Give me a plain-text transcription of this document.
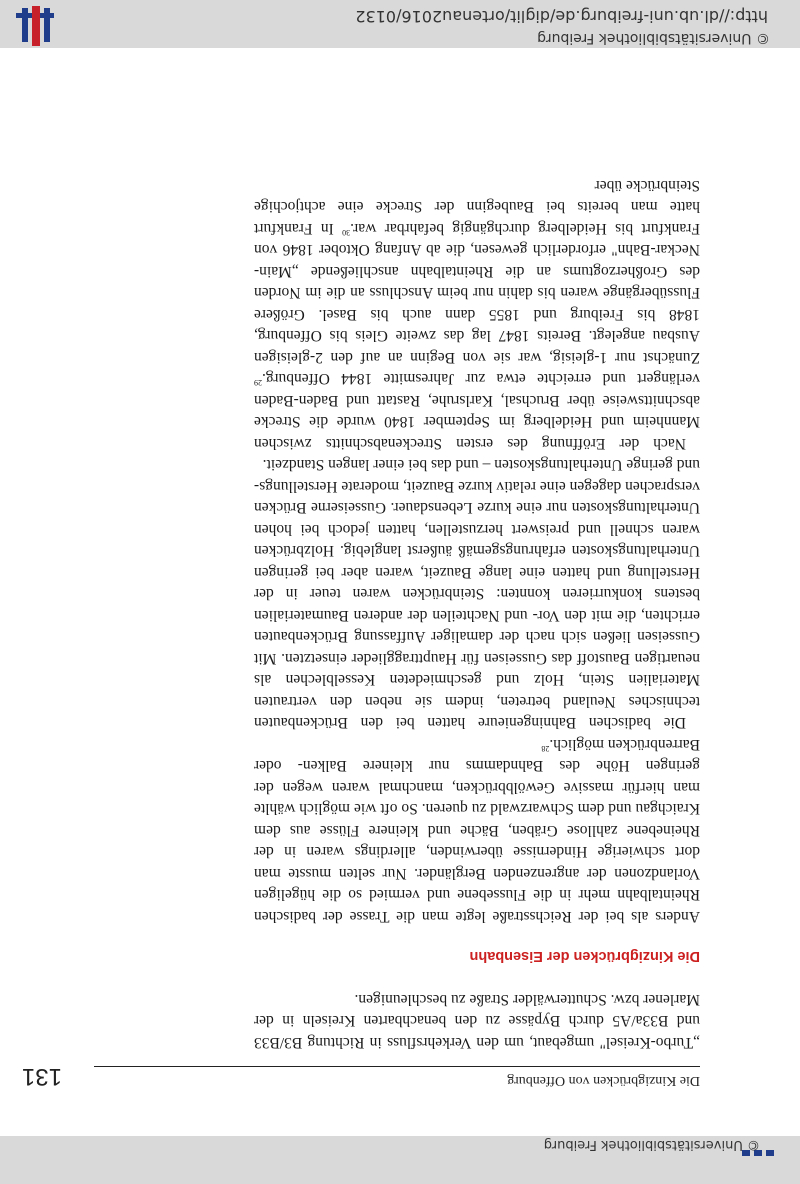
© Universitätsbibliothek Freiburg
Die Kinzigbrücken von Offenburg
131

„Turbo-Kreisel" umgebaut, um den Verkehrsfluss in Richtung B3/B33 und B33a/A5 durch Bypässe zu den benachbarten Kreiseln in der Marlener bzw. Schutterwälder Straße zu beschleunigen.

Die Kinzigbrücken der Eisenbahn

Anders als bei der Reichsstraße legte man die Trasse der badischen Rheintalbahn mehr in die Flussebene und vermied so die hügeligen Vorlandzonen der angrenzenden Bergländer. Nur selten musste man dort schwierige Hindernisse überwinden, allerdings waren in der Rheinebene zahllose Gräben, Bäche und kleinere Flüsse aus dem Kraichgau und dem Schwarzwald zu queren. So oft wie möglich wählte man hierfür massive Gewölbbrücken, manchmal waren wegen der geringen Höhe des Bahndamms nur kleinere Balken- oder Barrenbrücken möglich.$^{28}$

Die badischen Bahningenieure hatten bei den Brückenbauten technisches Neuland betreten, indem sie neben den vertrauten Materialien Stein, Holz und geschmiedeten Kesselblechen als neuartigen Baustoff das Gusseisen für Haupttragglieder einsetzten. Mit Gusseisen ließen sich nach der damaliger Auffassung Brückenbauten errichten, die mit den Vor- und Nachteilen der anderen Baumaterialien bestens konkurrieren konnten: Steinbrücken waren teuer in der Herstellung und hatten eine lange Bauzeit, waren aber bei geringen Unterhaltungskosten erfahrungsgemäß äußerst langlebig. Holzbrücken waren schnell und preiswert herzustellen, hatten jedoch bei hohen Unterhaltungskosten nur eine kurze Lebensdauer. Gusseiserne Brücken versprachen dagegen eine relativ kurze Bauzeit, moderate Herstellungs- und geringe Unterhaltungskosten – und das bei einer langen Standzeit.

Nach der Eröffnung des ersten Streckenabschnitts zwischen Mannheim und Heidelberg im September 1840 wurde die Strecke abschnittsweise über Bruchsal, Karlsruhe, Rastatt und Baden-Baden verlängert und erreichte etwa zur Jahresmitte 1844 Offenburg.$^{29}$ Zunächst nur 1-gleisig, war sie von Beginn an auf den 2-gleisigen Ausbau angelegt. Bereits 1847 lag das zweite Gleis bis Offenburg, 1848 bis Freiburg und 1855 dann auch bis Basel. Größere Flussübergänge waren bis dahin nur beim Anschluss an die im Norden des Großherzogtums an die Rheintalbahn anschließende „Main-Neckar-Bahn" erforderlich gewesen, die ab Anfang Oktober 1846 von Frankfurt bis Heidelberg durchgängig befahrbar war.$^{30}$ In Frankfurt hatte man bereits bei Baubeginn der Strecke eine achtjochige Steinbrücke über

© Universitätsbibliothek Freiburg
http://dl.ub.uni-freiburg.de/diglit/ortenau2016/0132
